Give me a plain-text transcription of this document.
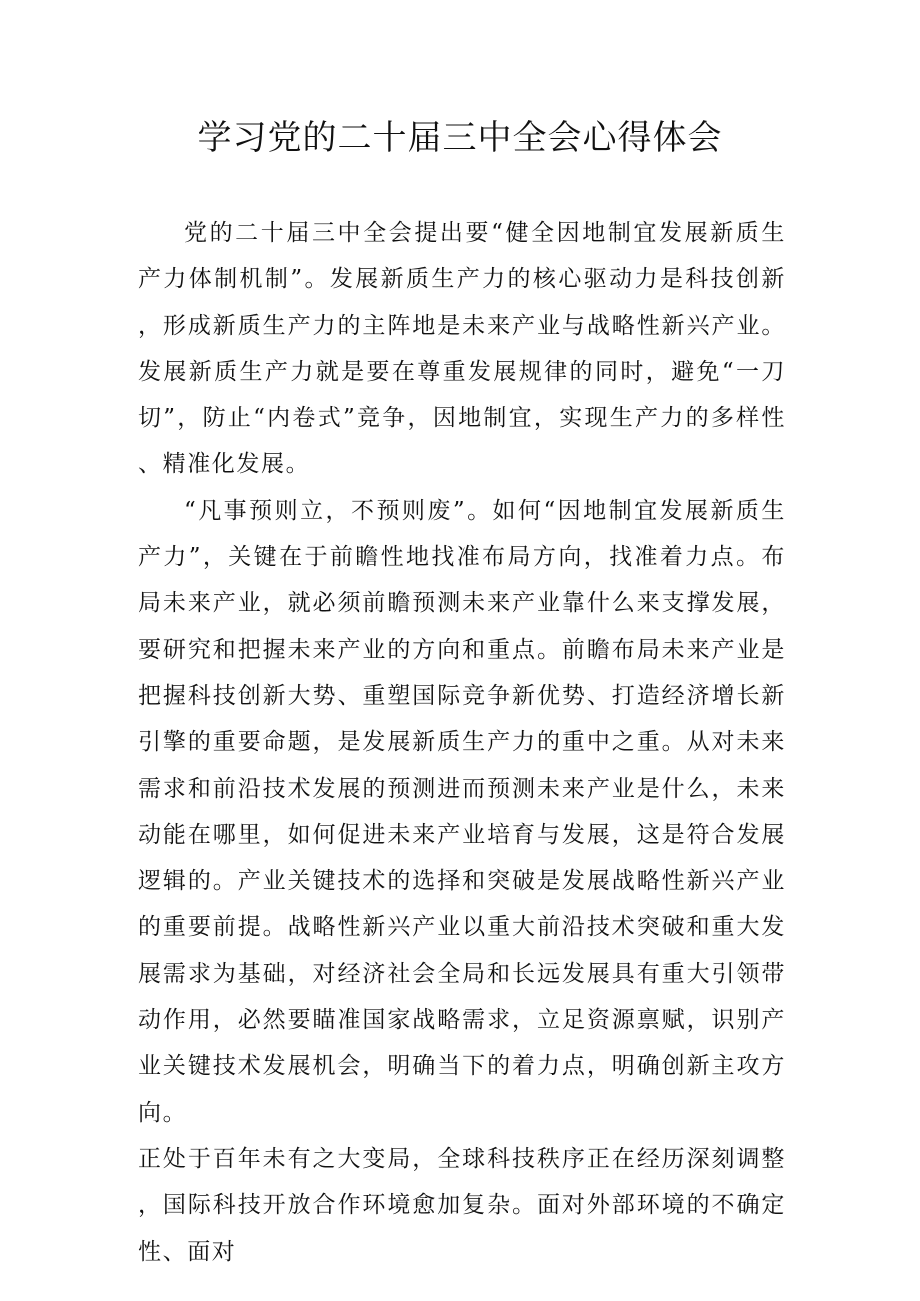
学习党的二十届三中全会心得体会

党的二十届三中全会提出要“健全因地制宜发展新质生产力体制机制”。发展新质生产力的核心驱动力是科技创新，形成新质生产力的主阵地是未来产业与战略性新兴产业。发展新质生产力就是要在尊重发展规律的同时，避免“一刀切”，防止“内卷式”竞争，因地制宜，实现生产力的多样性、精准化发展。

“凡事预则立，不预则废”。如何“因地制宜发展新质生产力”，关键在于前瞻性地找准布局方向，找准着力点。布局未来产业，就必须前瞻预测未来产业靠什么来支撑发展，要研究和把握未来产业的方向和重点。前瞻布局未来产业是把握科技创新大势、重塑国际竞争新优势、打造经济增长新引擎的重要命题，是发展新质生产力的重中之重。从对未来需求和前沿技术发展的预测进而预测未来产业是什么，未来动能在哪里，如何促进未来产业培育与发展，这是符合发展逻辑的。产业关键技术的选择和突破是发展战略性新兴产业的重要前提。战略性新兴产业以重大前沿技术突破和重大发展需求为基础，对经济社会全局和长远发展具有重大引领带动作用，必然要瞄准国家战略需求，立足资源禀赋，识别产业关键技术发展机会，明确当下的着力点，明确创新主攻方向。

正处于百年未有之大变局，全球科技秩序正在经历深刻调整，国际科技开放合作环境愈加复杂。面对外部环境的不确定性、面对
